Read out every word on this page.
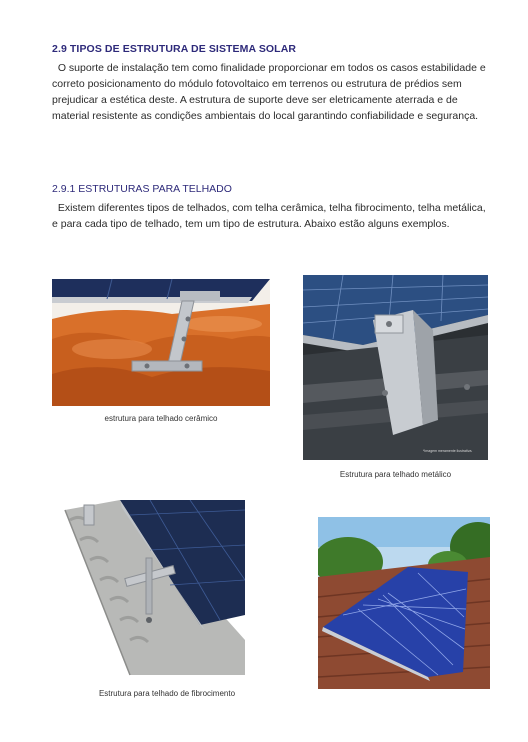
2.9 TIPOS DE ESTRUTURA DE SISTEMA SOLAR
O suporte de instalação tem como finalidade proporcionar em todos os casos estabilidade e correto posicionamento do módulo fotovoltaico em terrenos ou estrutura de prédios sem prejudicar a estética deste. A estrutura de suporte deve ser eletricamente aterrada e de material resistente as condições ambientais do local garantindo confiabilidade e segurança.
2.9.1 ESTRUTURAS PARA TELHADO
Existem diferentes tipos de telhados, com telha cerâmica, telha fibrocimento, telha metálica, e para cada tipo de telhado, tem um tipo de estrutura. Abaixo estão alguns exemplos.
estrutura para telhado cerâmico
*Imagem meramente ilustrativa.
Estrutura para telhado metálico
Estrutura para telhado de fibrocimento
